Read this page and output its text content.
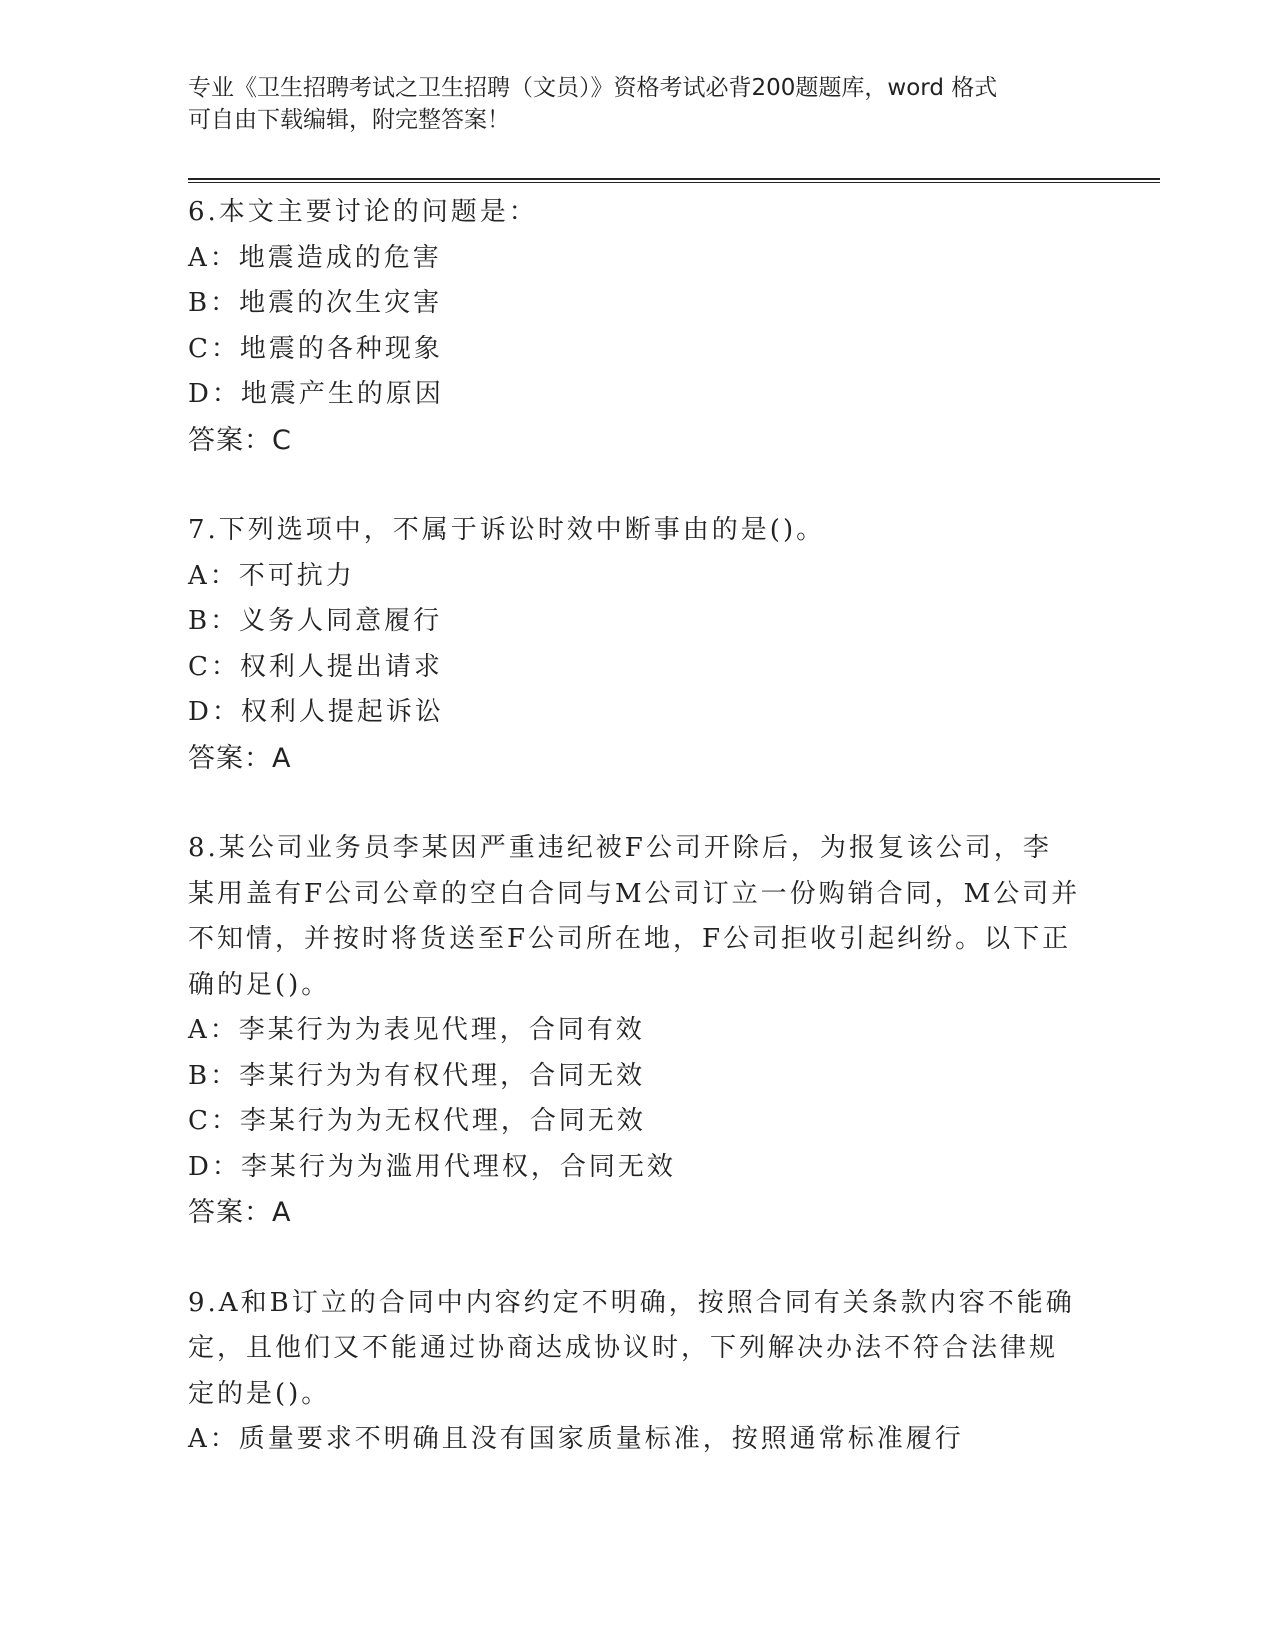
专业《卫生招聘考试之卫生招聘（文员）》资格考试必背200题题库，word 格式
可自由下载编辑，附完整答案！
6.本文主要讨论的问题是：
A：地震造成的危害
B：地震的次生灾害
C：地震的各种现象
D：地震产生的原因
答案：C
7.下列选项中，不属于诉讼时效中断事由的是()。
A：不可抗力
B：义务人同意履行
C：权利人提出请求
D：权利人提起诉讼
答案：A
8.某公司业务员李某因严重违纪被F公司开除后，为报复该公司，李
某用盖有F公司公章的空白合同与M公司订立一份购销合同，M公司并
不知情，并按时将货送至F公司所在地，F公司拒收引起纠纷。以下正
确的足()。
A：李某行为为表见代理，合同有效
B：李某行为为有权代理，合同无效
C：李某行为为无权代理，合同无效
D：李某行为为滥用代理权，合同无效
答案：A
9.A和B订立的合同中内容约定不明确，按照合同有关条款内容不能确
定，且他们又不能通过协商达成协议时，下列解决办法不符合法律规
定的是()。
A：质量要求不明确且没有国家质量标准，按照通常标准履行
